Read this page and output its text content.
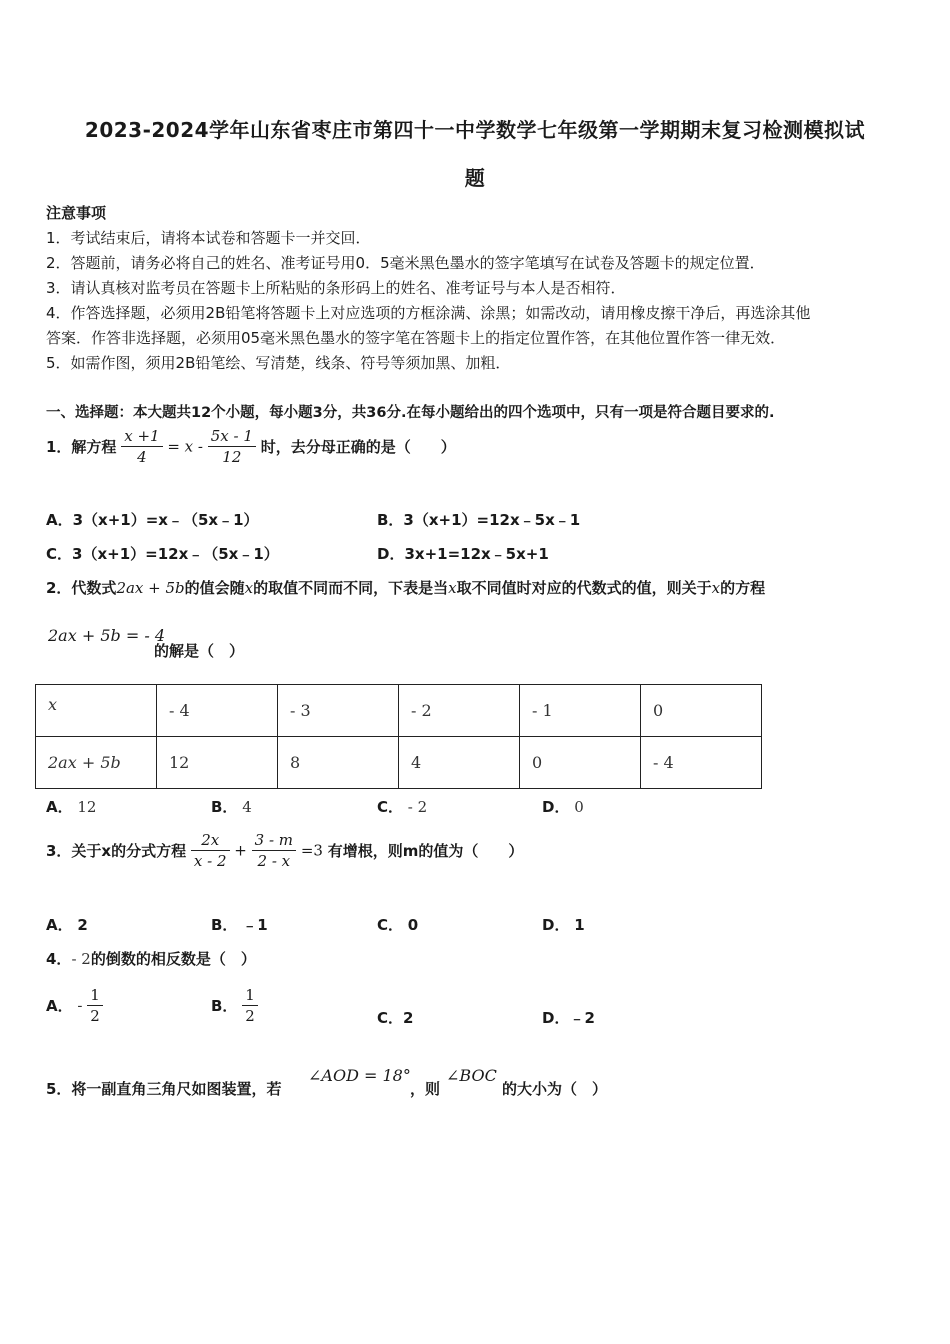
2023-2024学年山东省枣庄市第四十一中学数学七年级第一学期期末复习检测模拟试
题
注意事项
1．考试结束后，请将本试卷和答题卡一并交回．
2．答题前，请务必将自己的姓名、准考证号用0．5毫米黑色墨水的签字笔填写在试卷及答题卡的规定位置．
3．请认真核对监考员在答题卡上所粘贴的条形码上的姓名、准考证号与本人是否相符．
4．作答选择题，必须用2B铅笔将答题卡上对应选项的方框涂满、涂黑；如需改动，请用橡皮擦干净后，再选涂其他
答案．作答非选择题，必须用05毫米黑色墨水的签字笔在答题卡上的指定位置作答，在其他位置作答一律无效．
5．如需作图，须用2B铅笔绘、写清楚，线条、符号等须加黑、加粗．
一、选择题：本大题共12个小题，每小题3分，共36分.在每小题给出的四个选项中，只有一项是符合题目要求的.
1．解方程 $\frac{x +1}{4} = x - \frac{5x - 1}{12}$ 时，去分母正确的是（　　）
A．3（x+1）=x﹣（5x﹣1）	B．3（x+1）=12x﹣5x﹣1
C．3（x+1）=12x﹣（5x﹣1）	D．3x+1=12x﹣5x+1
2．代数式2ax + 5b的值会随x的取值不同而不同，下表是当x取不同值时对应的代数式的值，则关于x的方程
2ax + 5b = - 4
的解是（　）
x	- 4	- 3	- 2	- 1	0
2ax + 5b	12	8	4	0	- 4
A． 12	B． 4	C． - 2	D． 0
3．关于x的分式方程 $\frac{2x}{x - 2} + \frac{3 - m}{2 - x} =3$ 有增根，则m的值为（　　）
A． 2	B． ﹣1	C． 0	D． 1
4．- 2的倒数的相反数是（　）
A． - $\frac{1}{2}$	B． $\frac{1}{2}$	C．2	D．﹣2
5．将一副直角三角尺如图装置，若
∠AOD = 18°
，则
∠BOC
的大小为（　）
